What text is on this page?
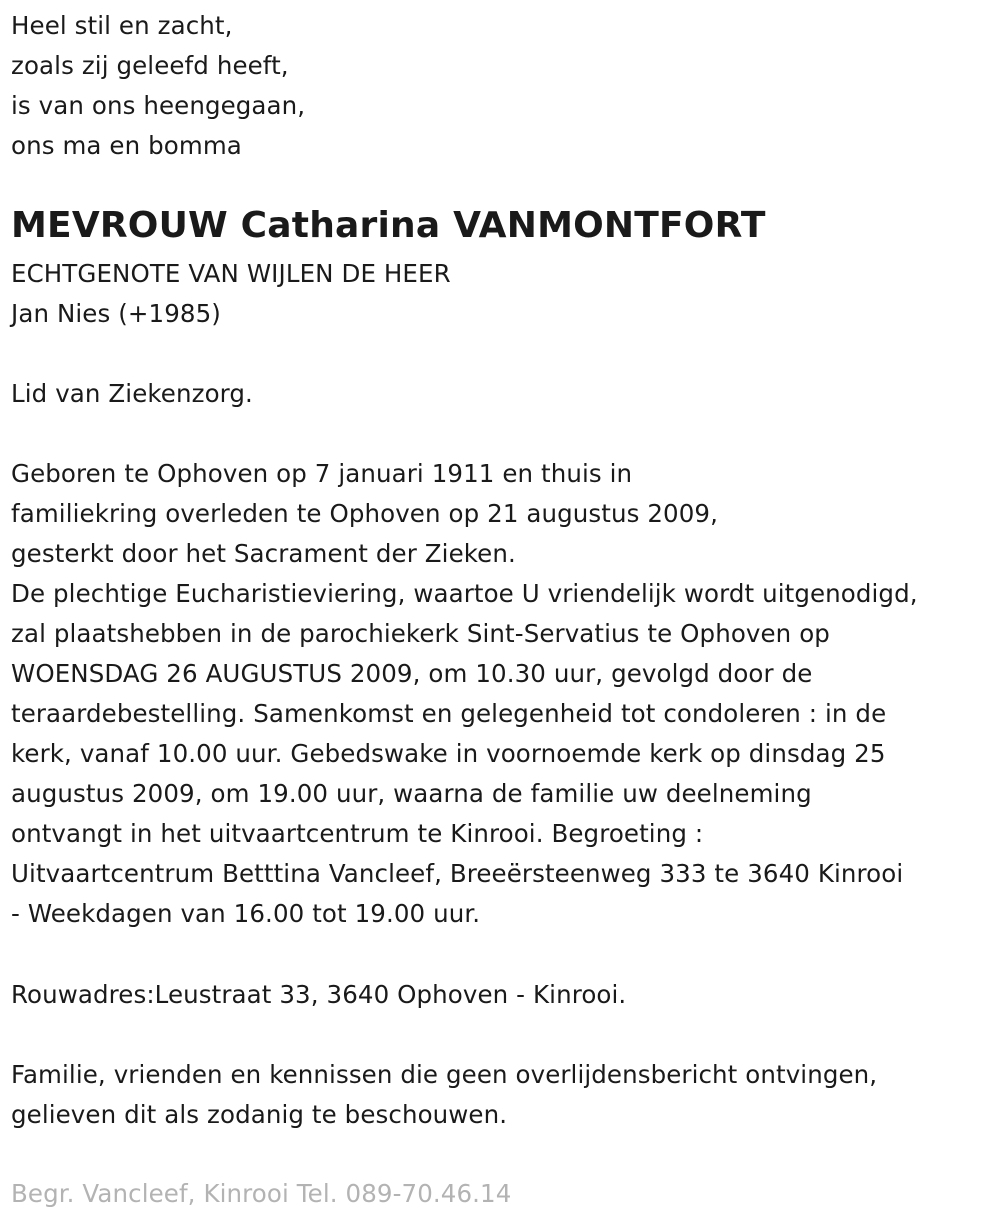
Heel stil en zacht,
zoals zij geleefd heeft,
is van ons heengegaan,
ons ma en bomma
MEVROUW Catharina VANMONTFORT
ECHTGENOTE VAN WIJLEN DE HEER
Jan Nies (+1985)
Lid van Ziekenzorg.
Geboren te Ophoven op 7 januari 1911 en thuis in
familiekring overleden te Ophoven op 21 augustus 2009,
gesterkt door het Sacrament der Zieken.
De plechtige Eucharistieviering, waartoe U vriendelijk wordt uitgenodigd,
zal plaatshebben in de parochiekerk Sint-Servatius te Ophoven op
WOENSDAG 26 AUGUSTUS 2009, om 10.30 uur, gevolgd door de
teraardebestelling. Samenkomst en gelegenheid tot condoleren : in de
kerk, vanaf 10.00 uur. Gebedswake in voornoemde kerk op dinsdag 25
augustus 2009, om 19.00 uur, waarna de familie uw deelneming
ontvangt in het uitvaartcentrum te Kinrooi. Begroeting :
Uitvaartcentrum Betttina Vancleef, Breeërsteenweg 333 te 3640 Kinrooi
- Weekdagen van 16.00 tot 19.00 uur.
Rouwadres:Leustraat 33, 3640 Ophoven - Kinrooi.
Familie, vrienden en kennissen die geen overlijdensbericht ontvingen,
gelieven dit als zodanig te beschouwen.
Begr. Vancleef, Kinrooi Tel. 089-70.46.14
